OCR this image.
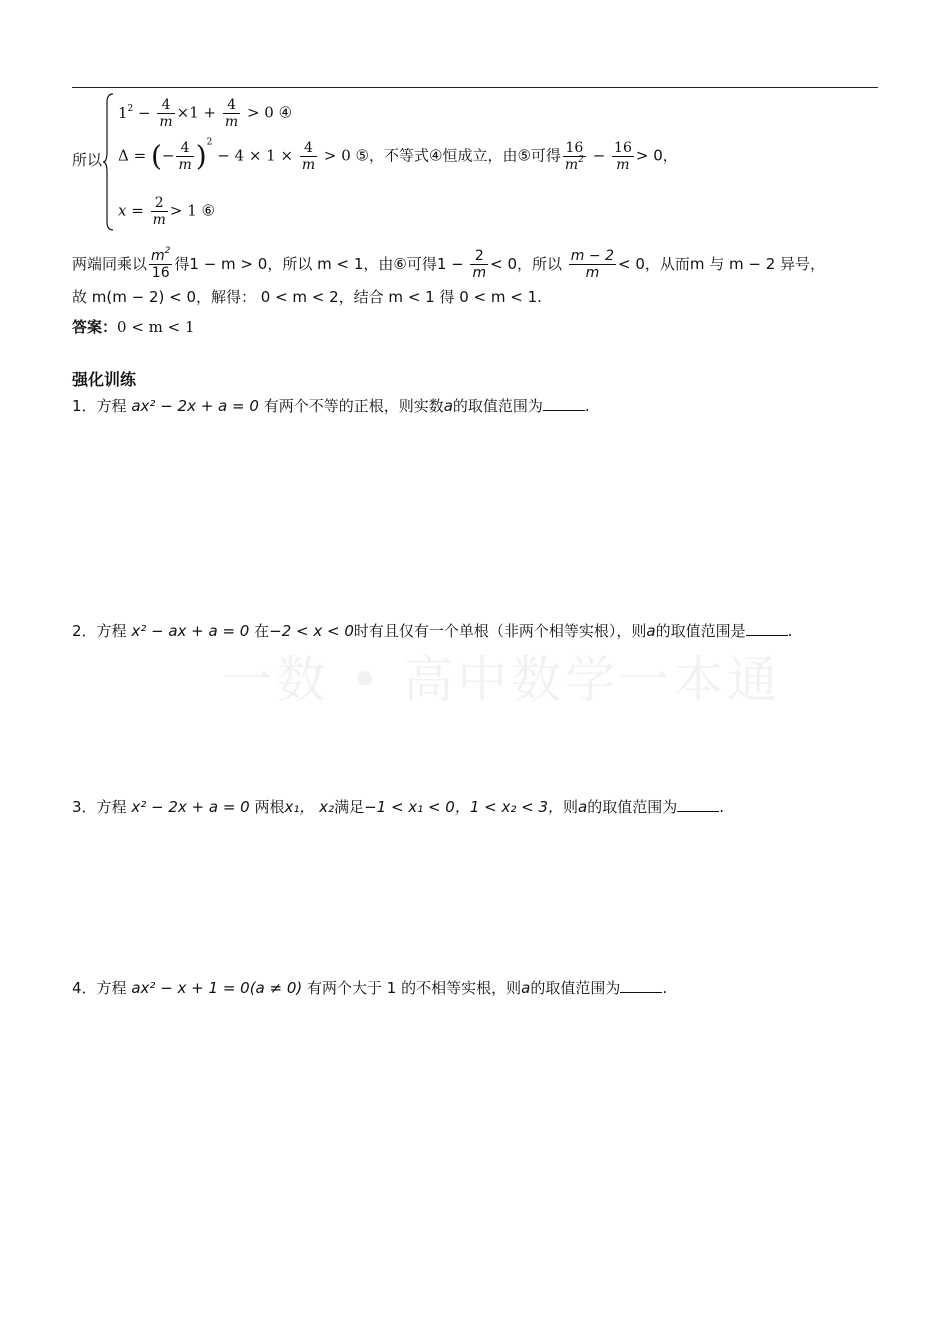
一数 • 高中数学一本通
所以
$1^2 - \frac{4}{m} \times 1 + \frac{4}{m} > 0$ ④
Δ = (− $\frac{4}{m} )^2 - 4 \times 1 \times \frac{4}{m} > 0$ ⑤，不等式④恒成立，由⑤可得 $\frac{16}{m^2} - \frac{16}{m} > 0$，
$x = \frac{2}{m} > 1$ ⑥
两端同乘以 $\frac{m^2}{16}$ 得1 − m > 0，所以 m < 1，由⑥可得$1 - \frac{2}{m} < 0$，所以 $\frac{m - 2}{m} < 0$，从而m 与 m − 2 异号，
故 m(m − 2) < 0，解得： 0 < m < 2，结合 m < 1 得 0 < m < 1.
答案：0 < m < 1
强化训练
1．方程 ax² − 2x + a = 0 有两个不等的正根，则实数a的取值范围为	.
2．方程 x² − ax + a = 0 在−2 < x < 0时有且仅有一个单根（非两个相等实根），则a的取值范围是	.
3．方程 x² − 2x + a = 0 两根x₁， x₂满足−1 < x₁ < 0，1 < x₂ < 3，则a的取值范围为	.
4．方程 ax² − x + 1 = 0(a ≠ 0) 有两个大于 1 的不相等实根，则a的取值范围为	.
